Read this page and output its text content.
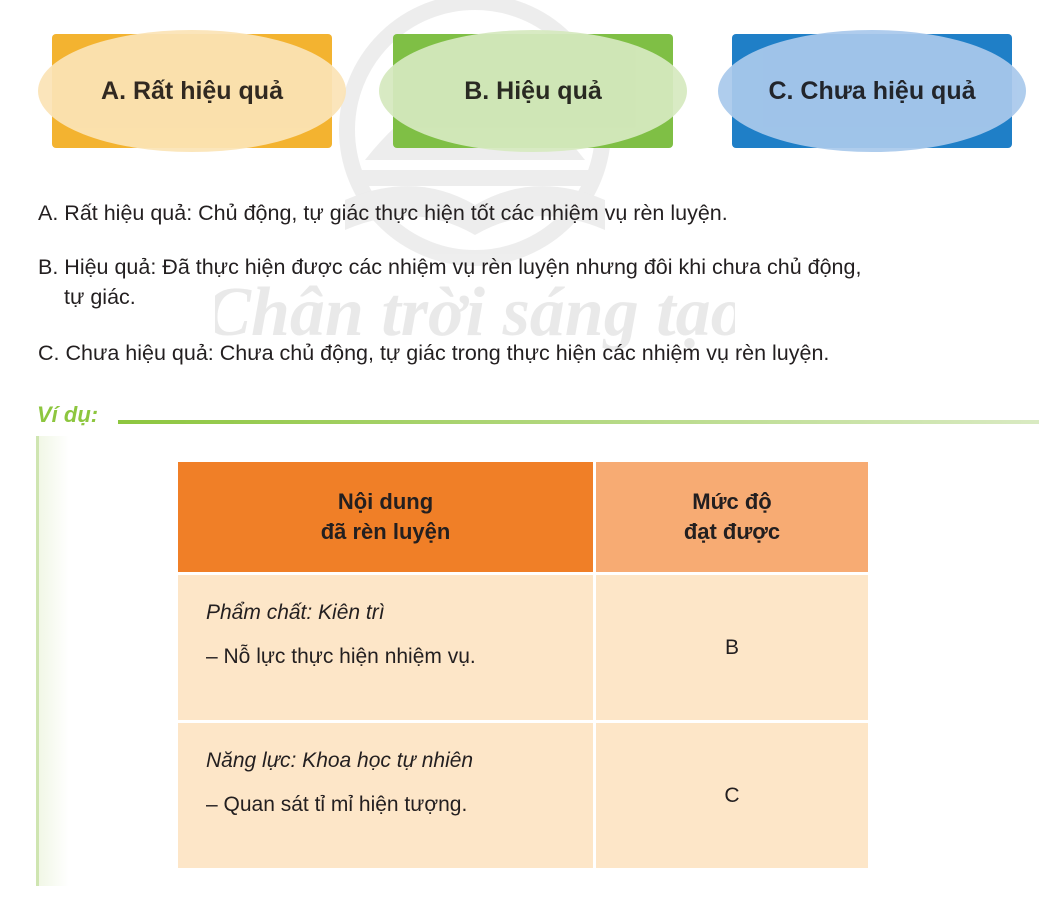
Chân trời sáng tạo
A. Rất hiệu quả	B. Hiệu quả	C. Chưa hiệu quả
A. Rất hiệu quả: Chủ động, tự giác thực hiện tốt các nhiệm vụ rèn luyện.
B. Hiệu quả: Đã thực hiện được các nhiệm vụ rèn luyện nhưng đôi khi chưa chủ động,
tự giác.
C. Chưa hiệu quả: Chưa chủ động, tự giác trong thực hiện các nhiệm vụ rèn luyện.
Ví dụ:
Nội dung
đã rèn luyện	Mức độ
đạt được

Phẩm chất: Kiên trì
– Nỗ lực thực hiện nhiệm vụ.	B

Năng lực: Khoa học tự nhiên
– Quan sát tỉ mỉ hiện tượng.	C
